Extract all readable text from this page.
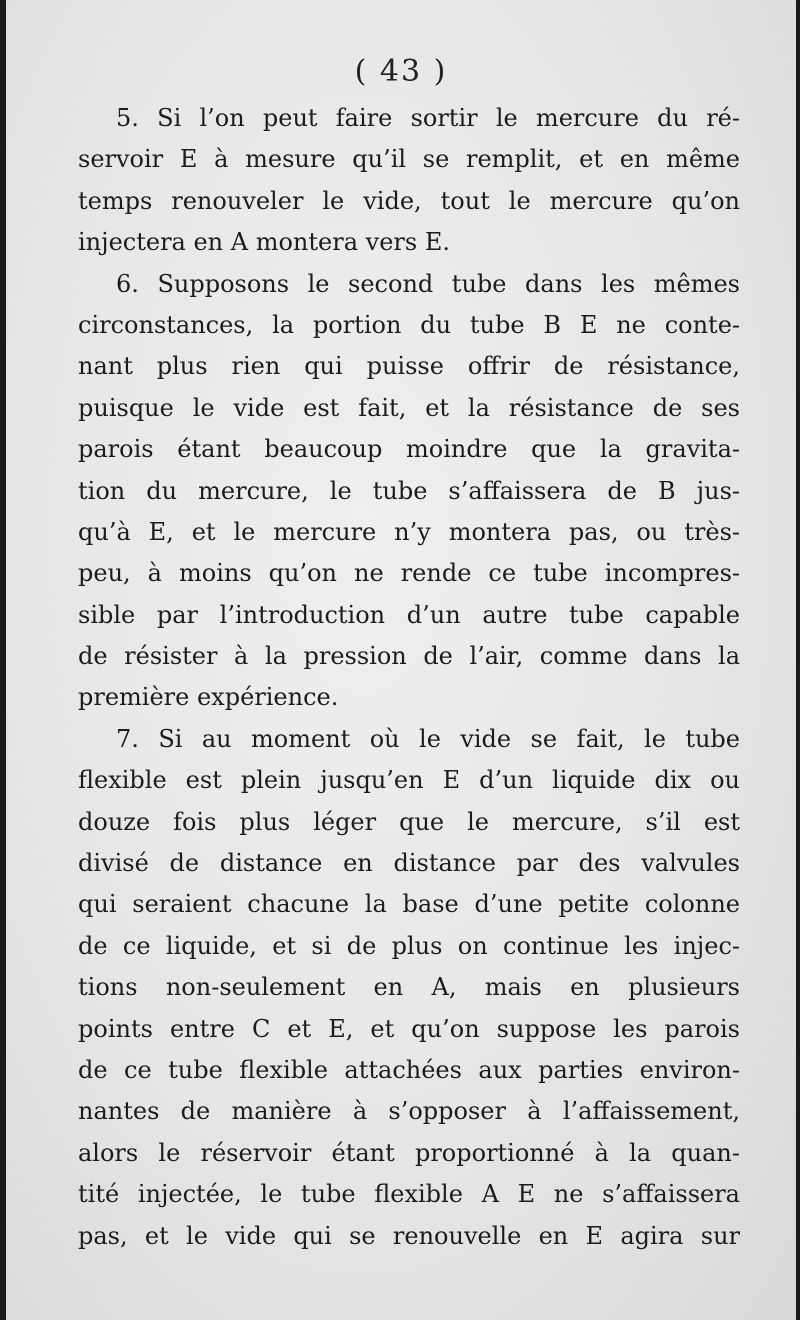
( 43 )
5. Si l’on peut faire sortir le mercure du ré-
servoir E à mesure qu’il se remplit, et en même
temps renouveler le vide, tout le mercure qu’on
injectera en A montera vers E.
6. Supposons le second tube dans les mêmes
circonstances, la portion du tube B E ne conte-
nant plus rien qui puisse offrir de résistance,
puisque le vide est fait, et la résistance de ses
parois étant beaucoup moindre que la gravita-
tion du mercure, le tube s’affaissera de B jus-
qu’à E, et le mercure n’y montera pas, ou très-
peu, à moins qu’on ne rende ce tube incompres-
sible par l’introduction d’un autre tube capable
de résister à la pression de l’air, comme dans la
première expérience.
7. Si au moment où le vide se fait, le tube
flexible est plein jusqu’en E d’un liquide dix ou
douze fois plus léger que le mercure, s’il est
divisé de distance en distance par des valvules
qui seraient chacune la base d’une petite colonne
de ce liquide, et si de plus on continue les injec-
tions non-seulement en A, mais en plusieurs
points entre C et E, et qu’on suppose les parois
de ce tube flexible attachées aux parties environ-
nantes de manière à s’opposer à l’affaissement,
alors le réservoir étant proportionné à la quan-
tité injectée, le tube flexible A E ne s’affaissera
pas, et le vide qui se renouvelle en E agira sur
